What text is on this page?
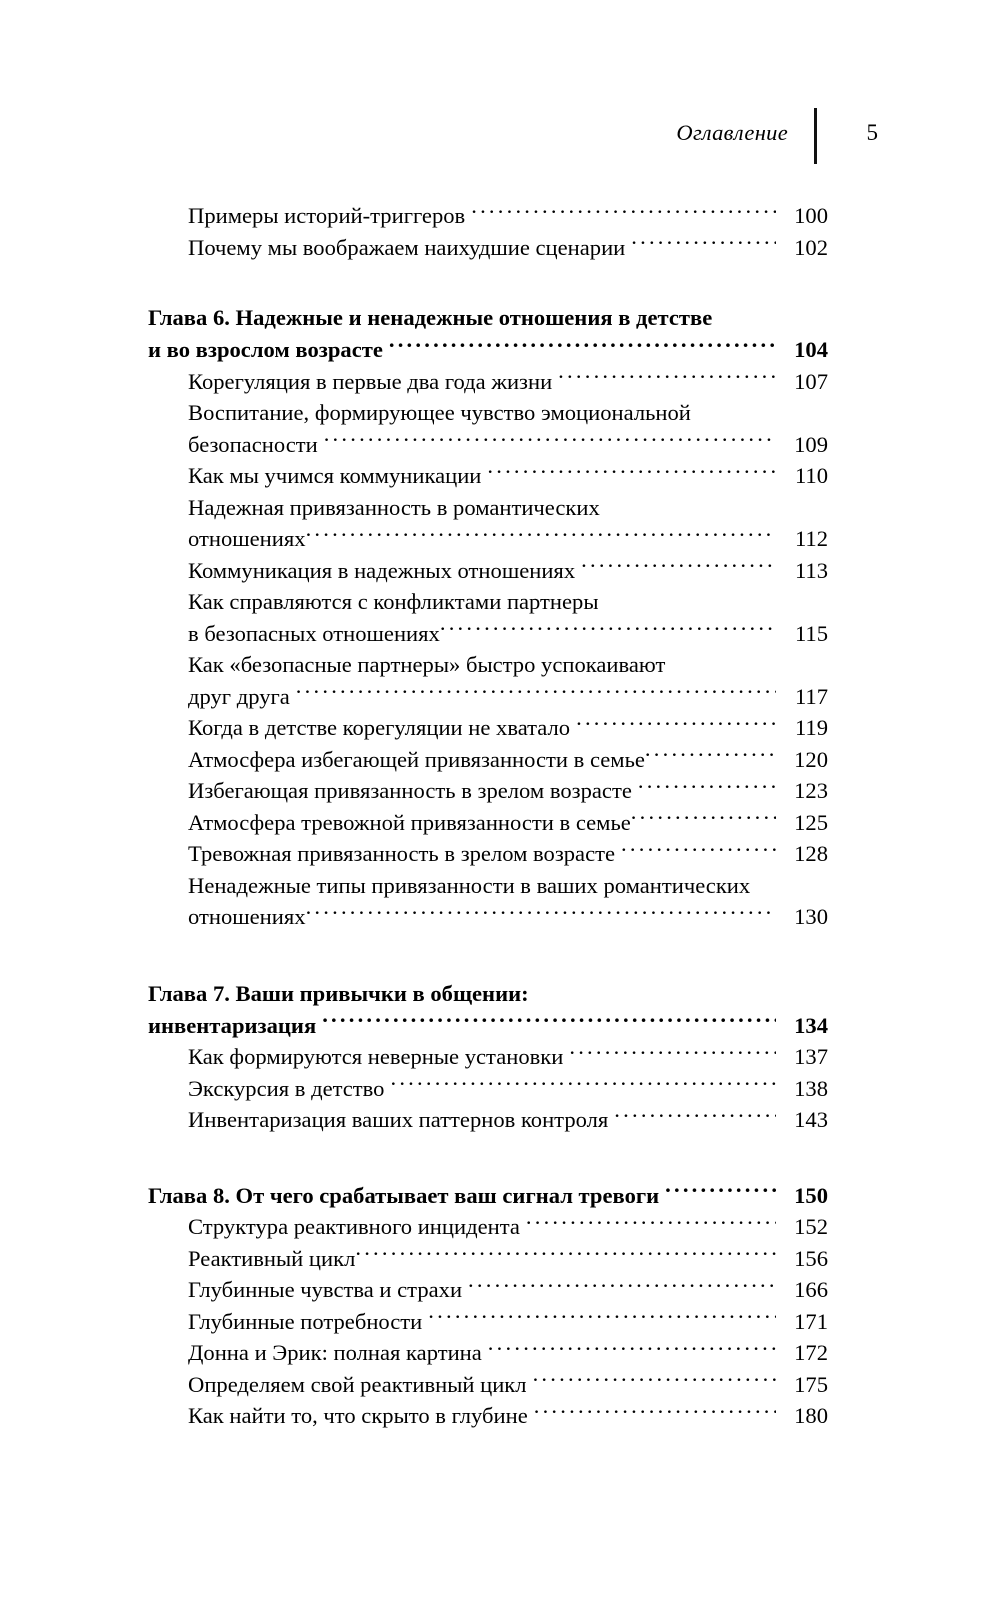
Оглавление	5
Примеры историй-триггеров .....	100
Почему мы воображаем наихудшие сценарии .....	102
Глава 6. Надежные и ненадежные отношения в детстве
и во взрослом возрасте .....	104
Корегуляция в первые два года жизни .....	107
Воспитание, формирующее чувство эмоциональной
безопасности .....	109
Как мы учимся коммуникации .....	110
Надежная привязанность в романтических
отношениях .....	112
Коммуникация в надежных отношениях .....	113
Как справляются с конфликтами партнеры
в безопасных отношениях .....	115
Как «безопасные партнеры» быстро успокаивают
друг друга .....	117
Когда в детстве корегуляции не хватало .....	119
Атмосфера избегающей привязанности в семье .....	120
Избегающая привязанность в зрелом возрасте .....	123
Атмосфера тревожной привязанности в семье .....	125
Тревожная привязанность в зрелом возрасте .....	128
Ненадежные типы привязанности в ваших романтических
отношениях .....	130
Глава 7. Ваши привычки в общении:
инвентаризация .....	134
Как формируются неверные установки .....	137
Экскурсия в детство .....	138
Инвентаризация ваших паттернов контроля .....	143
Глава 8. От чего срабатывает ваш сигнал тревоги .....	150
Структура реактивного инцидента .....	152
Реактивный цикл .....	156
Глубинные чувства и страхи .....	166
Глубинные потребности .....	171
Донна и Эрик: полная картина .....	172
Определяем свой реактивный цикл .....	175
Как найти то, что скрыто в глубине .....	180
